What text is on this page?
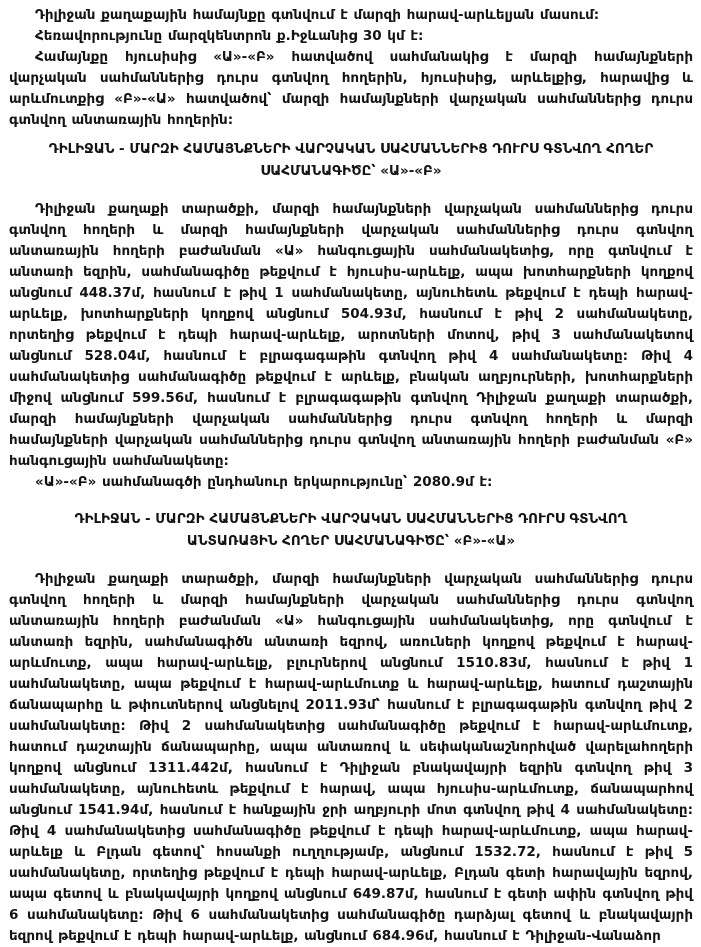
Դիլիջան քաղաքային համայնքը գտնվում է մարզի հարավ-արևելյան մասում:

Հեռավորությունը մարզկենտրոն ք.Իջևանից 30 կմ է:

Համայնքը հյուսիսից «Ա»-«Բ» հատվածով սահմանակից է մարզի համայնքների վարչական սահմաններից դուրս գտնվող հողերին, հյուսիսից, արևելքից, հարավից և արևմուտքից «Բ»-«Ա» հատվածով՝ մարզի համայնքների վարչական սահմաններից դուրս գտնվող անտառային հողերին:

ԴԻԼԻՋԱՆ - ՄԱՐԶԻ ՀԱՄԱՅՆՔՆԵՐԻ ՎԱՐՉԱԿԱՆ ՍԱՀՄԱՆՆԵՐԻՑ ԴՈՒՐՍ ԳՏՆՎՈՂ ՀՈՂԵՐ ՍԱՀՄԱՆԱԳԻԾԸ՝ «Ա»-«Բ»

Դիլիջան քաղաքի տարածքի, մարզի համայնքների վարչական սահմաններից դուրս գտնվող հողերի և մարզի համայնքների վարչական սահմաններից դուրս գտնվող անտառային հողերի բաժանման «Ա» հանգուցային սահմանակետից, որը գտնվում է անտառի եզրին, սահմանագիծը թեքվում է հյուսիս-արևելք, ապա խոտհարքների կողքով անցնում 448.37մ, հասնում է թիվ 1 սահմանակետը, այնուհետև թեքվում է դեպի հարավ-արևելք, խոտհարքների կողքով անցնում 504.93մ, հասնում է թիվ 2 սահմանակետը, որտեղից թեքվում է դեպի հարավ-արևելք, արոտների մոտով, թիվ 3 սահմանակետով անցնում 528.04մ, հասնում է բլրագագաթին գտնվող թիվ 4 սահմանակետը: Թիվ 4 սահմանակետից սահմանագիծը թեքվում է արևելք, բնական աղբյուրների, խոտհարքների միջով անցնում 599.56մ, հասնում է բլրագագաթին գտնվող Դիլիջան քաղաքի տարածքի, մարզի համայնքների վարչական սահմաններից դուրս գտնվող հողերի և մարզի համայնքների վարչական սահմաններից դուրս գտնվող անտառային հողերի բաժանման «Բ» հանգուցային սահմանակետը:

«Ա»-«Բ» սահմանագծի ընդհանուր երկարությունը՝ 2080.9մ է:

ԴԻԼԻՋԱՆ - ՄԱՐԶԻ ՀԱՄԱՅՆՔՆԵՐԻ ՎԱՐՉԱԿԱՆ ՍԱՀՄԱՆՆԵՐԻՑ ԴՈՒՐՍ ԳՏՆՎՈՂ ԱՆՏԱՌԱՅԻՆ ՀՈՂԵՐ ՍԱՀՄԱՆԱԳԻԾԸ՝ «Բ»-«Ա»

Դիլիջան քաղաքի տարածքի, մարզի համայնքների վարչական սահմաններից դուրս գտնվող հողերի և մարզի համայնքների վարչական սահմաններից դուրս գտնվող անտառային հողերի բաժանման «Ա» հանգուցային սահմանակետից, որը գտնվում է անտառի եզրին, սահմանագիծն անտառի եզրով, առուների կողքով թեքվում է հարավ-արևմուտք, ապա հարավ-արևելք, բլուրներով անցնում 1510.83մ, հասնում է թիվ 1 սահմանակետը, ապա թեքվում է հարավ-արևմուտք և հարավ-արևելք, հատում դաշտային ճանապարհը և թփուտներով անցնելով 2011.93մ՝ հասնում է բլրագագաթին գտնվող թիվ 2 սահմանակետը: Թիվ 2 սահմանակետից սահմանագիծը թեքվում է հարավ-արևմուտք, հատում դաշտային ճանապարհը, ապա անտառով և սեփականաշնորհված վարելահողերի կողքով անցնում 1311.442մ, հասնում է Դիլիջան բնակավայրի եզրին գտնվող թիվ 3 սահմանակետը, այնուհետև թեքվում է հարավ, ապա հյուսիս-արևմուտք, ճանապարհով անցնում 1541.94մ, հասնում է հանքային ջրի աղբյուրի մոտ գտնվող թիվ 4 սահմանակետը: Թիվ 4 սահմանակետից սահմանագիծը թեքվում է դեպի հարավ-արևմուտք, ապա հարավ-արևելք և Բլդան գետով՝ հոսանքի ուղղությամբ, անցնում 1532.72, հասնում է թիվ 5 սահմանակետը, որտեղից թեքվում է դեպի հարավ-արևելք, Բլդան գետի հարավային եզրով, ապա գետով և բնակավայրի կողքով անցնում 649.87մ, հասնում է գետի ափին գտնվող թիվ 6 սահմանակետը: Թիվ 6 սահմանակետից սահմանագիծը դարձյալ գետով և բնակավայրի եզրով թեքվում է դեպի հարավ-արևելք, անցնում 684.96մ, հասնում է Դիլիջան-Վանաձոր
